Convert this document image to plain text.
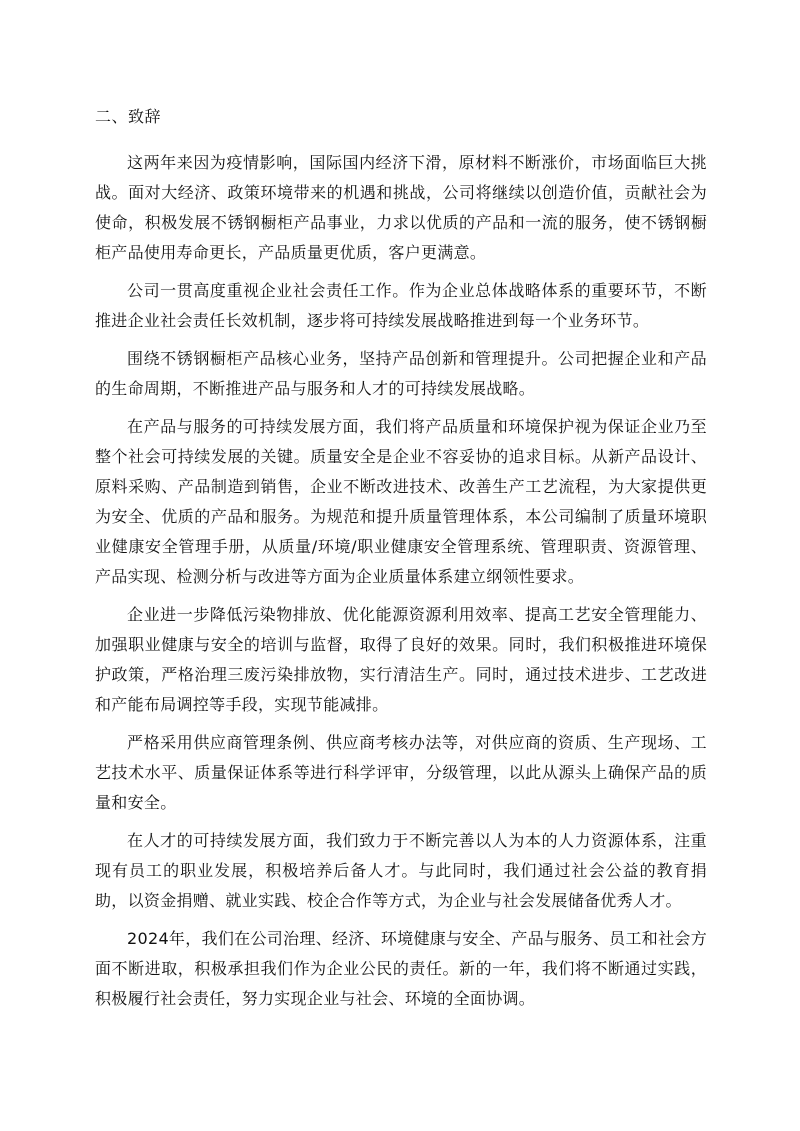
二、致辞

这两年来因为疫情影响，国际国内经济下滑，原材料不断涨价，市场面临巨大挑战。面对大经济、政策环境带来的机遇和挑战，公司将继续以创造价值，贡献社会为使命，积极发展不锈钢橱柜产品事业，力求以优质的产品和一流的服务，使不锈钢橱柜产品使用寿命更长，产品质量更优质，客户更满意。

公司一贯高度重视企业社会责任工作。作为企业总体战略体系的重要环节，不断推进企业社会责任长效机制，逐步将可持续发展战略推进到每一个业务环节。

围绕不锈钢橱柜产品核心业务，坚持产品创新和管理提升。公司把握企业和产品的生命周期，不断推进产品与服务和人才的可持续发展战略。

在产品与服务的可持续发展方面，我们将产品质量和环境保护视为保证企业乃至整个社会可持续发展的关键。质量安全是企业不容妥协的追求目标。从新产品设计、原料采购、产品制造到销售，企业不断改进技术、改善生产工艺流程，为大家提供更为安全、优质的产品和服务。为规范和提升质量管理体系，本公司编制了质量环境职业健康安全管理手册，从质量/环境/职业健康安全管理系统、管理职责、资源管理、产品实现、检测分析与改进等方面为企业质量体系建立纲领性要求。

企业进一步降低污染物排放、优化能源资源利用效率、提高工艺安全管理能力、加强职业健康与安全的培训与监督，取得了良好的效果。同时，我们积极推进环境保护政策，严格治理三废污染排放物，实行清洁生产。同时，通过技术进步、工艺改进和产能布局调控等手段，实现节能减排。

严格采用供应商管理条例、供应商考核办法等，对供应商的资质、生产现场、工艺技术水平、质量保证体系等进行科学评审，分级管理，以此从源头上确保产品的质量和安全。

在人才的可持续发展方面，我们致力于不断完善以人为本的人力资源体系，注重现有员工的职业发展，积极培养后备人才。与此同时，我们通过社会公益的教育捐助，以资金捐赠、就业实践、校企合作等方式，为企业与社会发展储备优秀人才。

2024年，我们在公司治理、经济、环境健康与安全、产品与服务、员工和社会方面不断进取，积极承担我们作为企业公民的责任。新的一年，我们将不断通过实践，积极履行社会责任，努力实现企业与社会、环境的全面协调。
